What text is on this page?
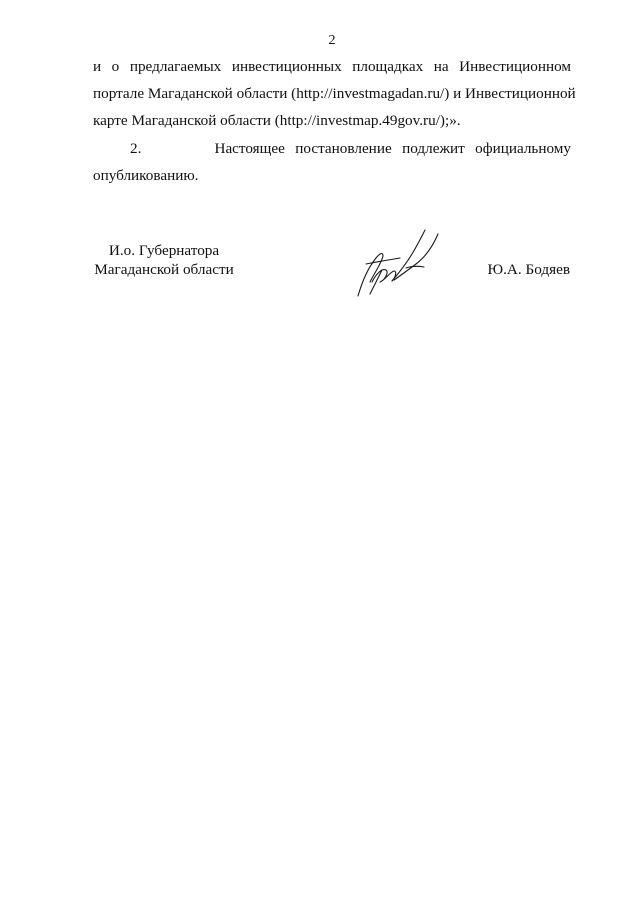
2
и о предлагаемых инвестиционных площадках на Инвестиционном
портале Магаданской области (http://investmagadan.ru/) и Инвестиционной
карте Магаданской области (http://investmap.49gov.ru/);».
2.       Настоящее постановление подлежит официальному
опубликованию.
И.о. Губернатора
Магаданской области	Ю.А. Бодяев
